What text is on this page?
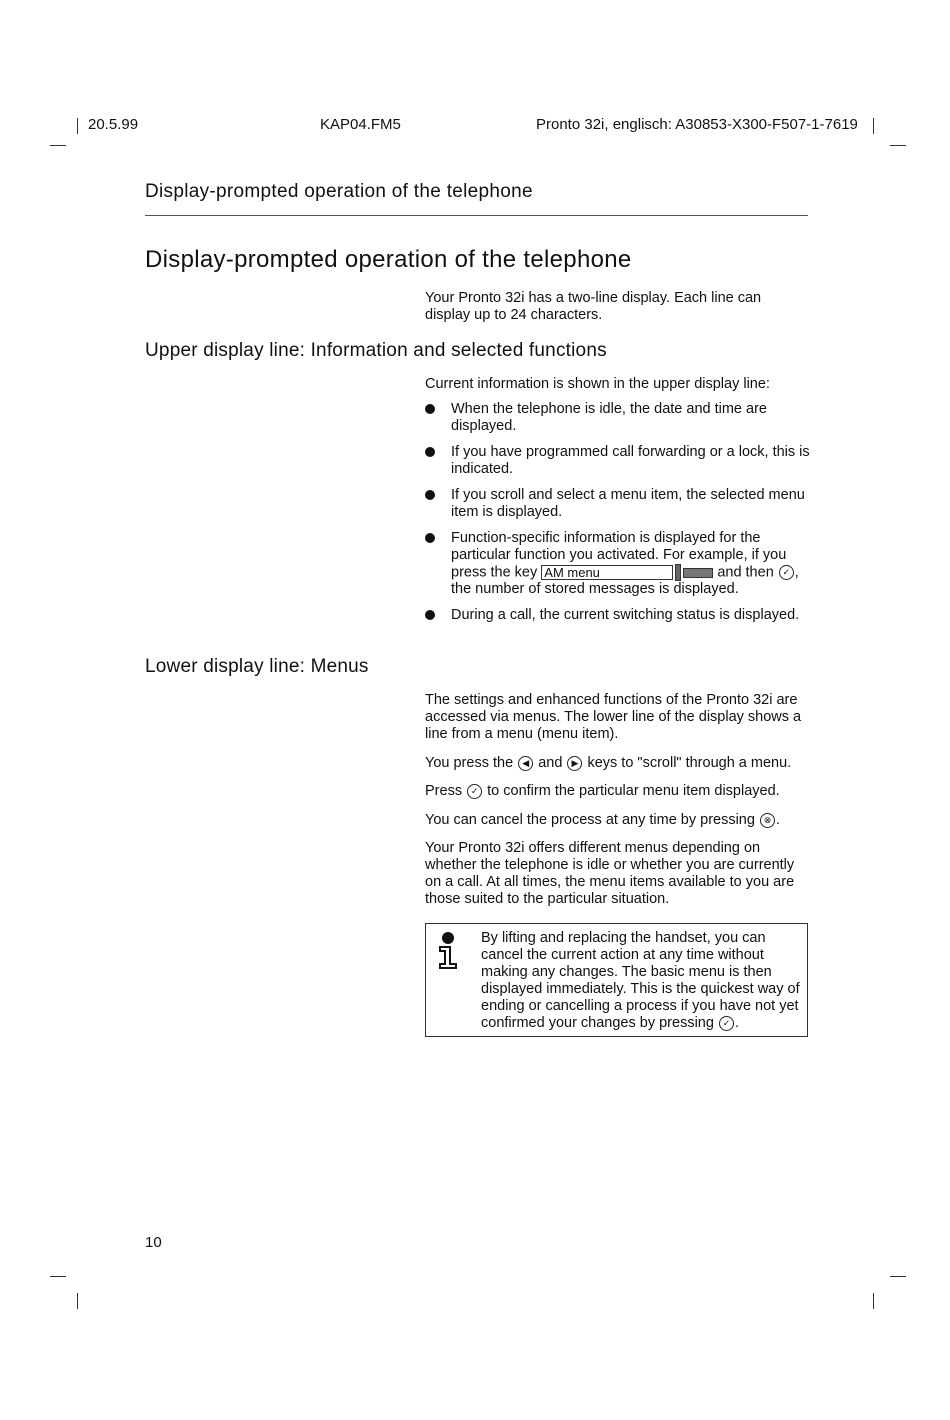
20.5.99	KAP04.FM5	Pronto 32i, englisch: A30853-X300-F507-1-7619
Display-prompted operation of the telephone
Display-prompted operation of the telephone
Your Pronto 32i has a two-line display. Each line can display up to 24 characters.
Upper display line: Information and selected functions
Current information is shown in the upper display line:
When the telephone is idle, the date and time are displayed.
If you have programmed call forwarding or a lock, this is indicated.
If you scroll and select a menu item, the selected menu item is displayed.
Function-specific information is displayed for the particular function you activated. For example, if you press the key AM menu	and then ✓ , the number of stored messages is displayed.
During a call, the current switching status is displayed.
Lower display line: Menus
The settings and enhanced functions of the Pronto 32i are accessed via menus. The lower line of the display shows a line from a menu (menu item).
You press the ◀ and ▶ keys to "scroll" through a menu.
Press ✓ to confirm the particular menu item displayed.
You can cancel the process at any time by pressing ⊗ .
Your Pronto 32i offers different menus depending on whether the telephone is idle or whether you are currently on a call. At all times, the menu items available to you are those suited to the particular situation.
By lifting and replacing the handset, you can cancel the current action at any time without making any changes. The basic menu is then displayed immediately. This is the quickest way of ending or cancelling a process if you have not yet confirmed your changes by pressing ✓ .
10
